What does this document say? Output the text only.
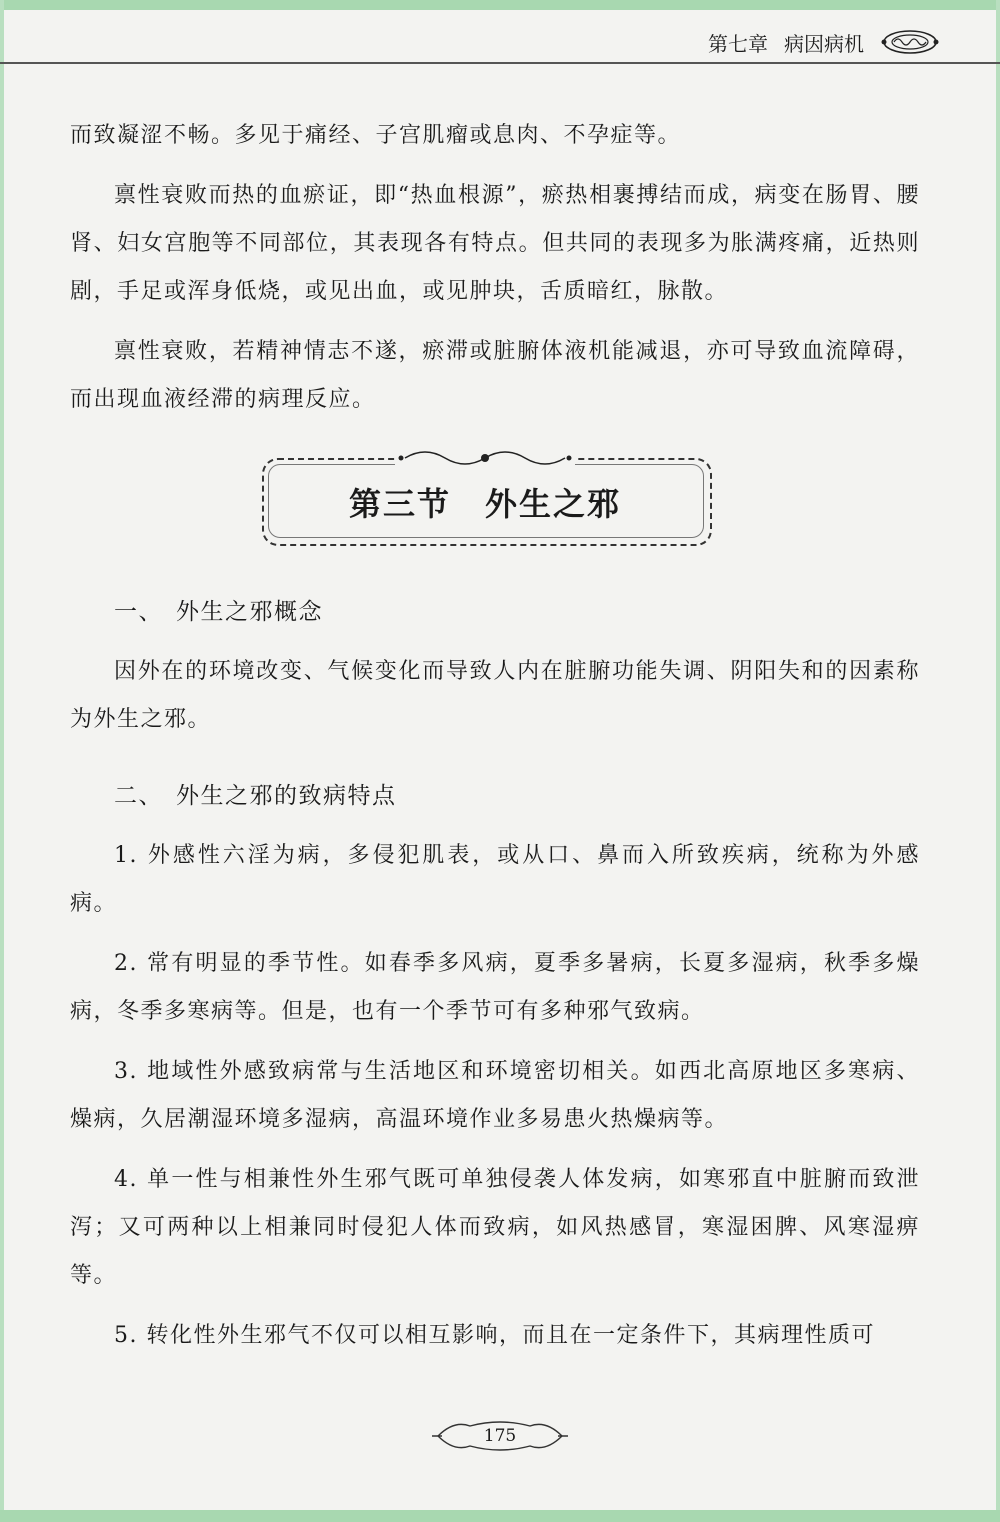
第七章 病因病机

而致凝涩不畅。多见于痛经、子宫肌瘤或息肉、不孕症等。

禀性衰败而热的血瘀证，即“热血根源”，瘀热相裹搏结而成，病变在肠胃、腰肾、妇女宫胞等不同部位，其表现各有特点。但共同的表现多为胀满疼痛，近热则剧，手足或浑身低烧，或见出血，或见肿块，舌质暗红，脉散。

禀性衰败，若精神情志不遂，瘀滞或脏腑体液机能减退，亦可导致血流障碍，而出现血液经滞的病理反应。

第三节　外生之邪
一、　外生之邪概念

因外在的环境改变、气候变化而导致人内在脏腑功能失调、阴阳失和的因素称为外生之邪。

二、　外生之邪的致病特点

1. 外感性六淫为病，多侵犯肌表，或从口、鼻而入所致疾病，统称为外感病。

2. 常有明显的季节性。如春季多风病，夏季多暑病，长夏多湿病，秋季多燥病，冬季多寒病等。但是，也有一个季节可有多种邪气致病。

3. 地域性外感致病常与生活地区和环境密切相关。如西北高原地区多寒病、燥病，久居潮湿环境多湿病，高温环境作业多易患火热燥病等。

4. 单一性与相兼性外生邪气既可单独侵袭人体发病，如寒邪直中脏腑而致泄泻；又可两种以上相兼同时侵犯人体而致病，如风热感冒，寒湿困脾、风寒湿痹等。

5. 转化性外生邪气不仅可以相互影响，而且在一定条件下，其病理性质可

175
